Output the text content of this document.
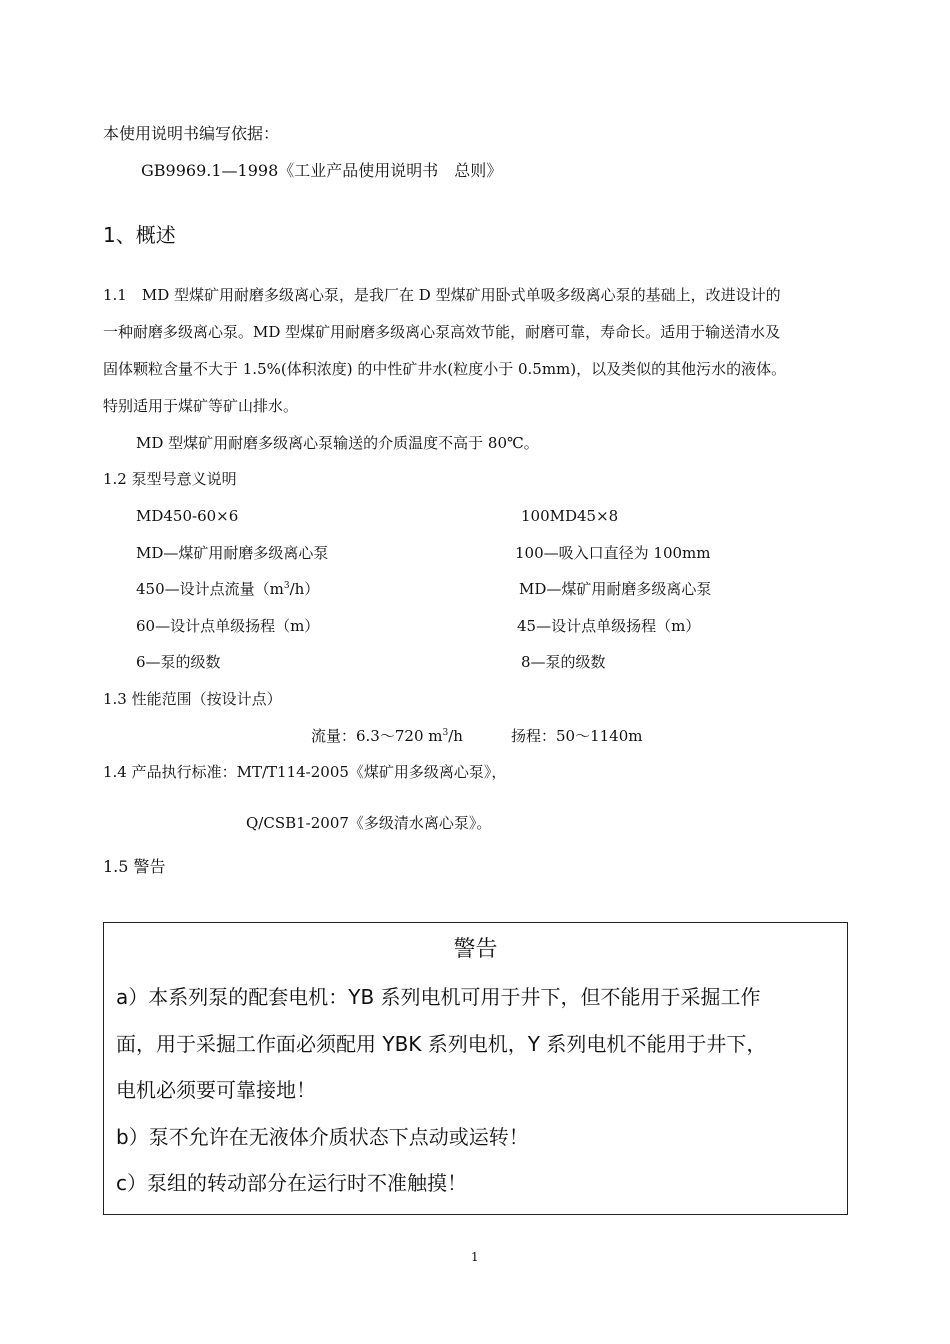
本使用说明书编写依据：
GB9969.1—1998《工业产品使用说明书　总则》
1、概述
1.1　MD 型煤矿用耐磨多级离心泵，是我厂在 D 型煤矿用卧式单吸多级离心泵的基础上，改进设计的
一种耐磨多级离心泵。MD 型煤矿用耐磨多级离心泵高效节能，耐磨可靠，寿命长。适用于输送清水及
固体颗粒含量不大于 1.5%(体积浓度) 的中性矿井水(粒度小于 0.5mm)，以及类似的其他污水的液体。
特别适用于煤矿等矿山排水。
MD 型煤矿用耐磨多级离心泵输送的介质温度不高于 80℃。
1.2 泵型号意义说明
MD450-60×6
MD—煤矿用耐磨多级离心泵
450—设计点流量$(m^3/h)$
60—设计点单级扬程（m）
6—泵的级数
100MD45×8
100—吸入口直径为 100mm
MD—煤矿用耐磨多级离心泵
45—设计点单级扬程（m）
8—泵的级数
1.3 性能范围（按设计点）
流量：6.3～720 $m^3/h$	扬程：50～1140m
1.4 产品执行标准：MT/T114-2005《煤矿用多级离心泵》，
Q/CSB1-2007《多级清水离心泵》。
1.5 警告
警告
a）本系列泵的配套电机：YB 系列电机可用于井下，但不能用于采掘工作
面，用于采掘工作面必须配用 YBK 系列电机，Y 系列电机不能用于井下，
电机必须要可靠接地！
b）泵不允许在无液体介质状态下点动或运转！
c）泵组的转动部分在运行时不准触摸！
1
